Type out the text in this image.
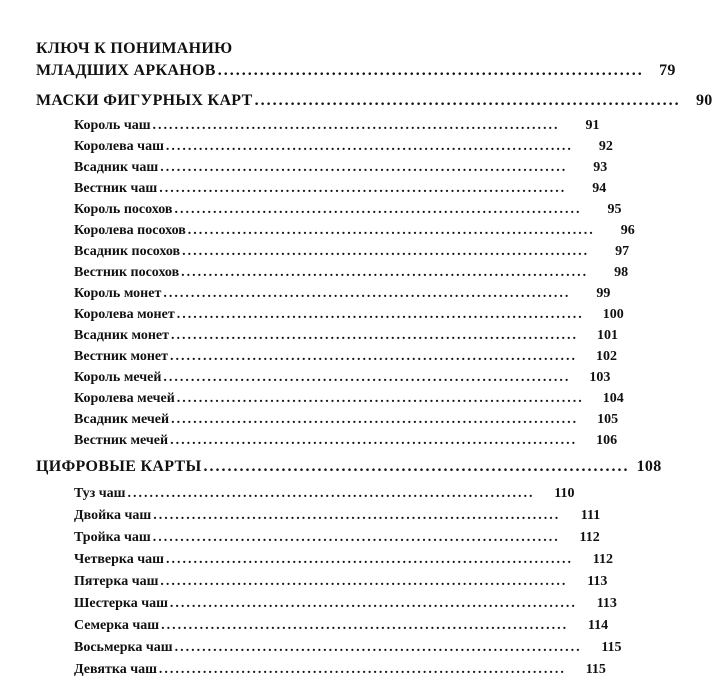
КЛЮЧ К ПОНИМАНИЮ
МЛАДШИХ АРКАНОВ ....................................................................... 79
МАСКИ ФИГУРНЫХ КАРТ ....................................................................... 90
Король чаш ..........................................................................	91
Королева чаш ..........................................................................	92
Всадник чаш ..........................................................................	93
Вестник чаш ..........................................................................	94
Король посохов ..........................................................................	95
Королева посохов ..........................................................................	96
Всадник посохов ..........................................................................	97
Вестник посохов ..........................................................................	98
Король монет ..........................................................................	99
Королева монет ..........................................................................	100
Всадник монет ..........................................................................	101
Вестник монет ..........................................................................	102
Король мечей ..........................................................................	103
Королева мечей ..........................................................................	104
Всадник мечей ..........................................................................	105
Вестник мечей ..........................................................................	106
ЦИФРОВЫЕ КАРТЫ ....................................................................... 108
Туз чаш ..........................................................................	110
Двойка чаш ..........................................................................	111
Тройка чаш ..........................................................................	112
Четверка чаш ..........................................................................	112
Пятерка чаш ..........................................................................	113
Шестерка чаш ..........................................................................	113
Семерка чаш ..........................................................................	114
Восьмерка чаш ..........................................................................	115
Девятка чаш ..........................................................................	115
